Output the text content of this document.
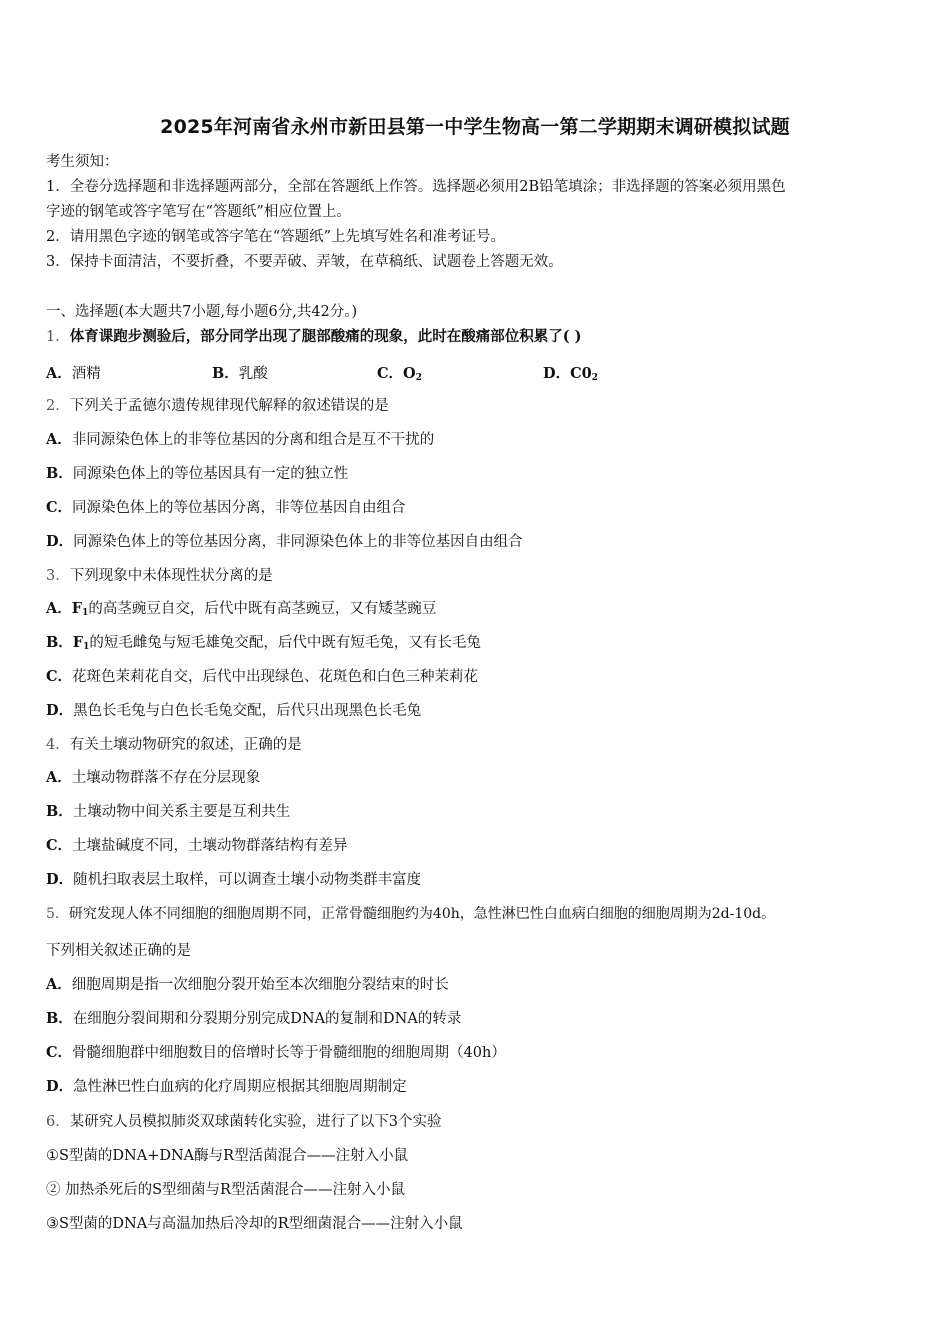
2025年河南省永州市新田县第一中学生物高一第二学期期末调研模拟试题
考生须知：
1．全卷分选择题和非选择题两部分，全部在答题纸上作答。选择题必须用2B铅笔填涂；非选择题的答案必须用黑色
字迹的钢笔或答字笔写在“答题纸”相应位置上。
2．请用黑色字迹的钢笔或答字笔在“答题纸”上先填写姓名和准考证号。
3．保持卡面清洁，不要折叠，不要弄破、弄皱，在草稿纸、试题卷上答题无效。
一、选择题(本大题共7小题,每小题6分,共42分。)
1．体育课跑步测验后，部分同学出现了腿部酸痛的现象，此时在酸痛部位积累了( )
A．酒精	B．乳酸	C．$O_2$	D．$C0_2$
2．下列关于孟德尔遗传规律现代解释的叙述错误的是
A．非同源染色体上的非等位基因的分离和组合是互不干扰的
B．同源染色体上的等位基因具有一定的独立性
C．同源染色体上的等位基因分离，非等位基因自由组合
D．同源染色体上的等位基因分离，非同源染色体上的非等位基因自由组合
3．下列现象中未体现性状分离的是
A．$F_1$的高茎豌豆自交，后代中既有高茎豌豆，又有矮茎豌豆
B．$F_1$的短毛雌兔与短毛雄兔交配，后代中既有短毛兔，又有长毛兔
C．花斑色茉莉花自交，后代中出现绿色、花斑色和白色三种茉莉花
D．黑色长毛兔与白色长毛兔交配，后代只出现黑色长毛兔
4．有关土壤动物研究的叙述，正确的是
A．土壤动物群落不存在分层现象
B．土壤动物中间关系主要是互利共生
C．土壤盐碱度不同，土壤动物群落结构有差异
D．随机扫取表层土取样，可以调查土壤小动物类群丰富度
5．研究发现人体不同细胞的细胞周期不同，正常骨髓细胞约为40h，急性淋巴性白血病白细胞的细胞周期为2d-10d。
下列相关叙述正确的是
A．细胞周期是指一次细胞分裂开始至本次细胞分裂结束的时长
B．在细胞分裂间期和分裂期分别完成DNA的复制和DNA的转录
C．骨髓细胞群中细胞数目的倍增时长等于骨髓细胞的细胞周期（40h）
D．急性淋巴性白血病的化疗周期应根据其细胞周期制定
6．某研究人员模拟肺炎双球菌转化实验，进行了以下3个实验
①S型菌的DNA+DNA酶与R型活菌混合——注射入小鼠
② 加热杀死后的S型细菌与R型活菌混合——注射入小鼠
③S型菌的DNA与高温加热后冷却的R型细菌混合——注射入小鼠
